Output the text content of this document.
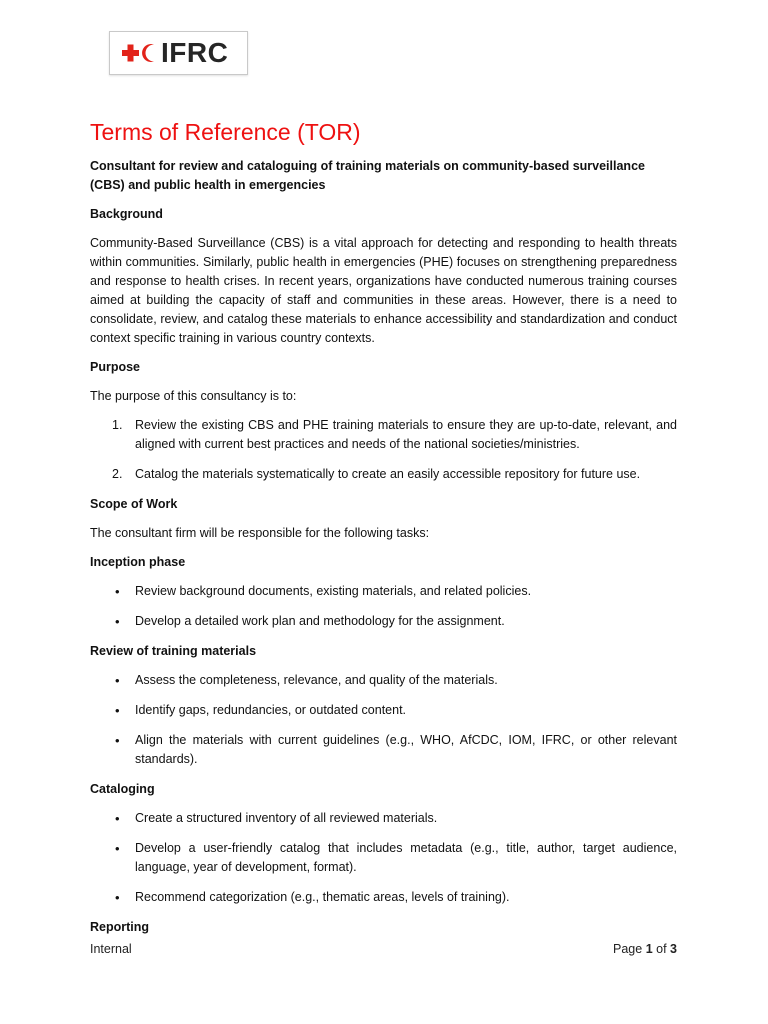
IFRC
Terms of Reference (TOR)

Consultant for review and cataloguing of training materials on community-based surveillance (CBS) and public health in emergencies

Background

Community-Based Surveillance (CBS) is a vital approach for detecting and responding to health threats within communities. Similarly, public health in emergencies (PHE) focuses on strengthening preparedness and response to health crises. In recent years, organizations have conducted numerous training courses aimed at building the capacity of staff and communities in these areas. However, there is a need to consolidate, review, and catalog these materials to enhance accessibility and standardization and conduct context specific training in various country contexts.

Purpose

The purpose of this consultancy is to:

1. Review the existing CBS and PHE training materials to ensure they are up-to-date, relevant, and aligned with current best practices and needs of the national societies/ministries.
2. Catalog the materials systematically to create an easily accessible repository for future use.

Scope of Work

The consultant firm will be responsible for the following tasks:

Inception phase

• Review background documents, existing materials, and related policies.
• Develop a detailed work plan and methodology for the assignment.

Review of training materials

• Assess the completeness, relevance, and quality of the materials.
• Identify gaps, redundancies, or outdated content.
• Align the materials with current guidelines (e.g., WHO, AfCDC, IOM, IFRC, or other relevant standards).

Cataloging

• Create a structured inventory of all reviewed materials.
• Develop a user-friendly catalog that includes metadata (e.g., title, author, target audience, language, year of development, format).
• Recommend categorization (e.g., thematic areas, levels of training).

Reporting

Internal	Page 1 of 3
